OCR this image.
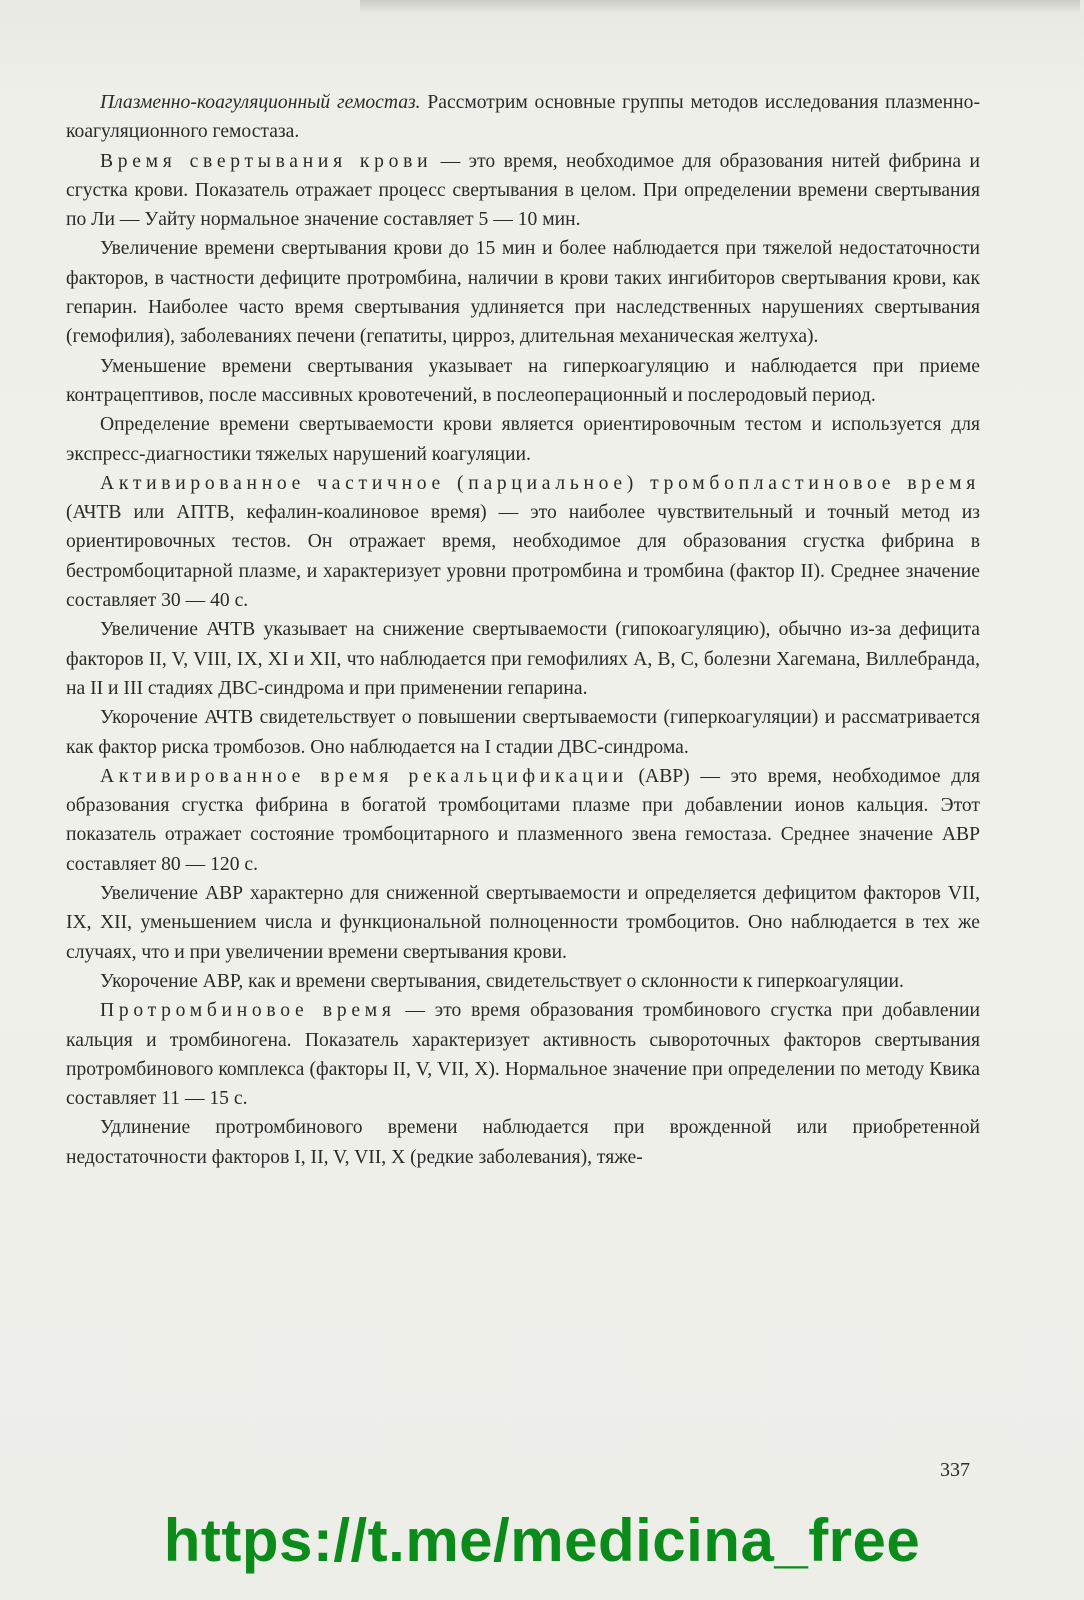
Плазменно-коагуляционный гемостаз. Рассмотрим основные группы методов исследования плазменно-коагуляционного гемостаза.

Время свертывания крови — это время, необходимое для образования нитей фибрина и сгустка крови. Показатель отражает процесс свертывания в целом. При определении времени свертывания по Ли — Уайту нормальное значение составляет 5 — 10 мин.

Увеличение времени свертывания крови до 15 мин и более наблюдается при тяжелой недостаточности факторов, в частности дефиците протромбина, наличии в крови таких ингибиторов свертывания крови, как гепарин. Наиболее часто время свертывания удлиняется при наследственных нарушениях свертывания (гемофилия), заболеваниях печени (гепатиты, цирроз, длительная механическая желтуха).

Уменьшение времени свертывания указывает на гиперкоагуляцию и наблюдается при приеме контрацептивов, после массивных кровотечений, в послеоперационный и послеродовый период.

Определение времени свертываемости крови является ориентировочным тестом и используется для экспресс-диагностики тяжелых нарушений коагуляции.

Активированное частичное (парциальное) тромбопластиновое время (АЧТВ или АПТВ, кефалин-коалиновое время) — это наиболее чувствительный и точный метод из ориентировочных тестов. Он отражает время, необходимое для образования сгустка фибрина в бестромбоцитарной плазме, и характеризует уровни протромбина и тромбина (фактор II). Среднее значение составляет 30 — 40 с.

Увеличение АЧТВ указывает на снижение свертываемости (гипокоагуляцию), обычно из-за дефицита факторов II, V, VIII, IX, XI и XII, что наблюдается при гемофилиях А, В, С, болезни Хагемана, Виллебранда, на II и III стадиях ДВС-синдрома и при применении гепарина.

Укорочение АЧТВ свидетельствует о повышении свертываемости (гиперкоагуляции) и рассматривается как фактор риска тромбозов. Оно наблюдается на I стадии ДВС-синдрома.

Активированное время рекальцификации (АВР) — это время, необходимое для образования сгустка фибрина в богатой тромбоцитами плазме при добавлении ионов кальция. Этот показатель отражает состояние тромбоцитарного и плазменного звена гемостаза. Среднее значение АВР составляет 80 — 120 с.

Увеличение АВР характерно для сниженной свертываемости и определяется дефицитом факторов VII, IX, XII, уменьшением числа и функциональной полноценности тромбоцитов. Оно наблюдается в тех же случаях, что и при увеличении времени свертывания крови.

Укорочение АВР, как и времени свертывания, свидетельствует о склонности к гиперкоагуляции.

Протромбиновое время — это время образования тромбинового сгустка при добавлении кальция и тромбиногена. Показатель характеризует активность сывороточных факторов свертывания протромбинового комплекса (факторы II, V, VII, X). Нормальное значение при определении по методу Квика составляет 11 — 15 с.

Удлинение протромбинового времени наблюдается при врожденной или приобретенной недостаточности факторов I, II, V, VII, X (редкие заболевания), тяже-

337
https://t.me/medicina_free
